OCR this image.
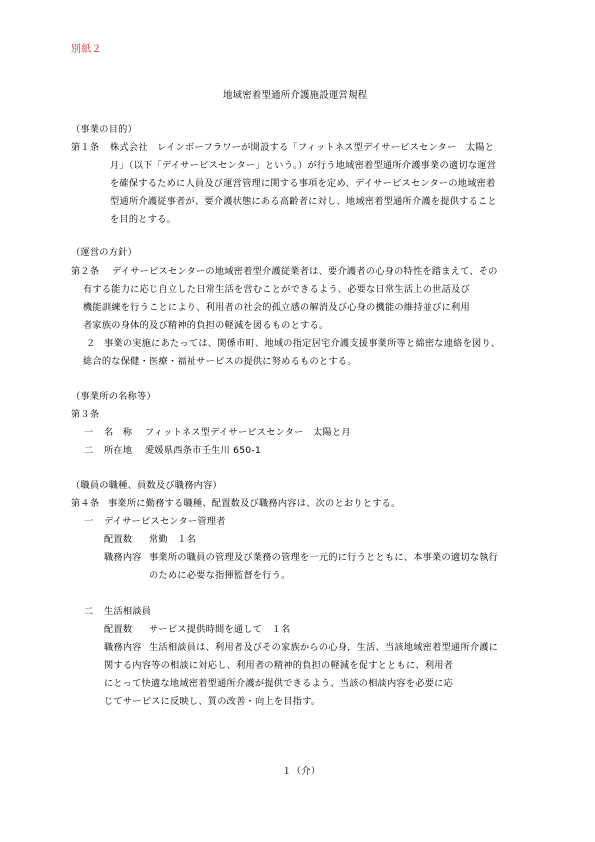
別紙２
地域密着型通所介護施設運営規程
（事業の目的）
第１条 株式会社　レインボーフラワーが開設する「フィットネス型デイサービスセンター　太陽と
月」（以下「デイサービスセンター」という。）が行う地域密着型通所介護事業の適切な運営
を確保するために人員及び運営管理に関する事項を定め、デイサービスセンターの地域密着
型通所介護従事者が、要介護状態にある高齢者に対し、地域密着型通所介護を提供すること
を目的とする。
（運営の方針）
第２条 デイサービスセンターの地域密着型介護従業者は、要介護者の心身の特性を踏まえて、その
有する能力に応じ自立した日常生活を営むことができるよう、必要な日常生活上の世話及び
機能訓練を行うことにより、利用者の社会的孤立感の解消及び心身の機能の維持並びに利用
者家族の身体的及び精神的負担の軽減を図るものとする。
２ 事業の実施にあたっては、関係市町、地域の指定居宅介護支援事業所等と綿密な連絡を図り、
総合的な保健・医療・福祉サービスの提供に努めるものとする。
（事業所の名称等）
第３条
一 名　称 フィットネス型デイサービスセンター　太陽と月
二 所在地 愛媛県西条市壬生川 650-1
（職員の職種、員数及び職務内容）
第４条 事業所に勤務する職種、配置数及び職務内容は、次のとおりとする。
一 デイサービスセンター管理者
配置数 常勤　１名
職務内容 事業所の職員の管理及び業務の管理を一元的に行うとともに、本事業の適切な執行
のために必要な指揮監督を行う。
二 生活相談員
配置数 サービス提供時間を通して　１名
職務内容 生活相談員は、利用者及びその家族からの心身，生活、当該地域密着型通所介護に
関する内容等の相談に対応し、利用者の精神的負担の軽減を促すとともに、利用者
にとって快適な地域密着型通所介護が提供できるよう、当該の相談内容を必要に応
じてサービスに反映し、質の改善・向上を目指す。
１（介）
